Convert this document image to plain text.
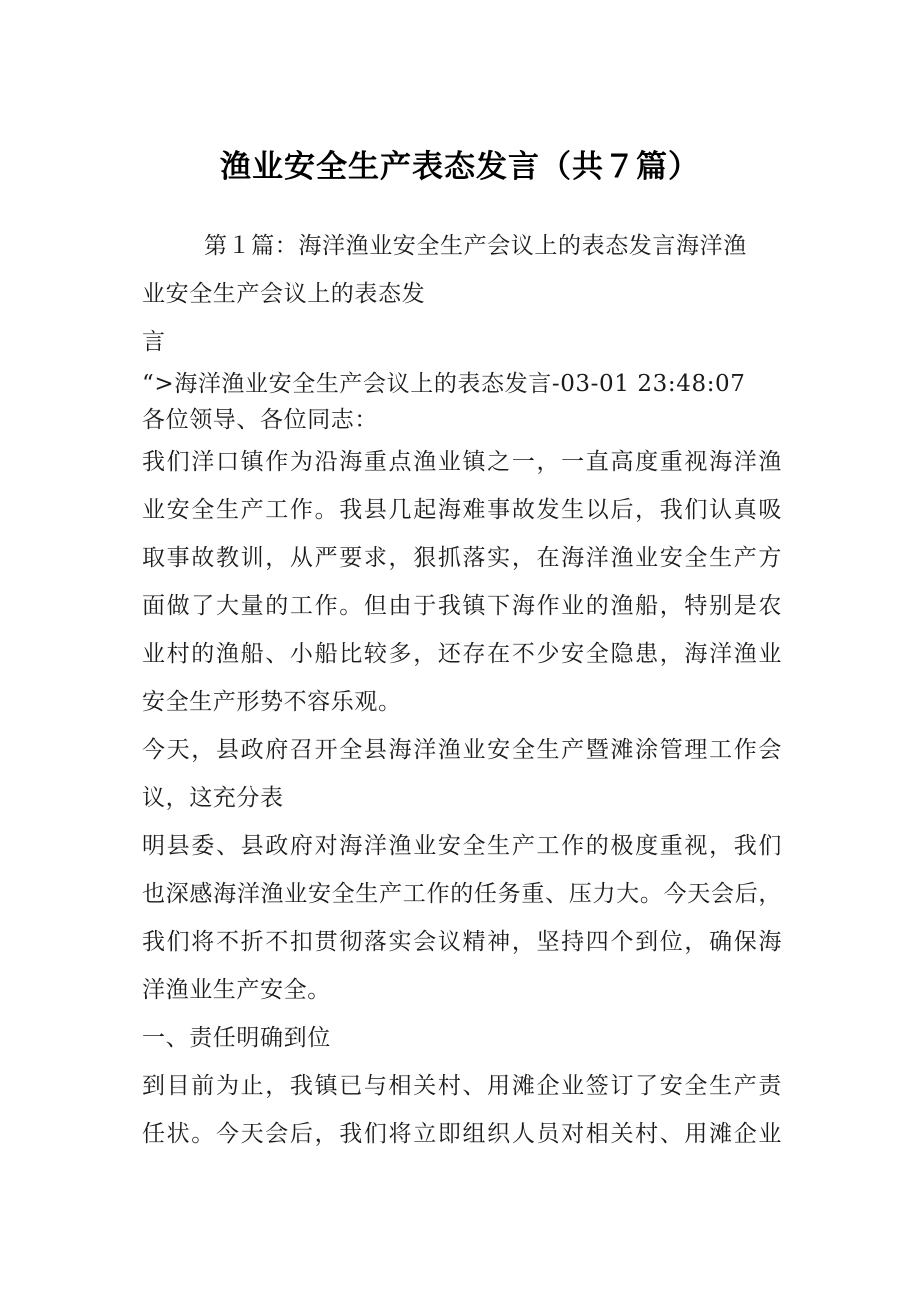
渔业安全生产表态发言（共７篇）
第１篇：海洋渔业安全生产会议上的表态发言海洋渔
业安全生产会议上的表态发
言
“>海洋渔业安全生产会议上的表态发言-03-01 23:48:07
各位领导、各位同志：
我们洋口镇作为沿海重点渔业镇之一，一直高度重视海洋渔
业安全生产工作。我县几起海难事故发生以后，我们认真吸
取事故教训，从严要求，狠抓落实，在海洋渔业安全生产方
面做了大量的工作。但由于我镇下海作业的渔船，特别是农
业村的渔船、小船比较多，还存在不少安全隐患，海洋渔业
安全生产形势不容乐观。
今天，县政府召开全县海洋渔业安全生产暨滩涂管理工作会
议，这充分表
明县委、县政府对海洋渔业安全生产工作的极度重视，我们
也深感海洋渔业安全生产工作的任务重、压力大。今天会后，
我们将不折不扣贯彻落实会议精神，坚持四个到位，确保海
洋渔业生产安全。
一、责任明确到位
到目前为止，我镇已与相关村、用滩企业签订了安全生产责
任状。今天会后，我们将立即组织人员对相关村、用滩企业
